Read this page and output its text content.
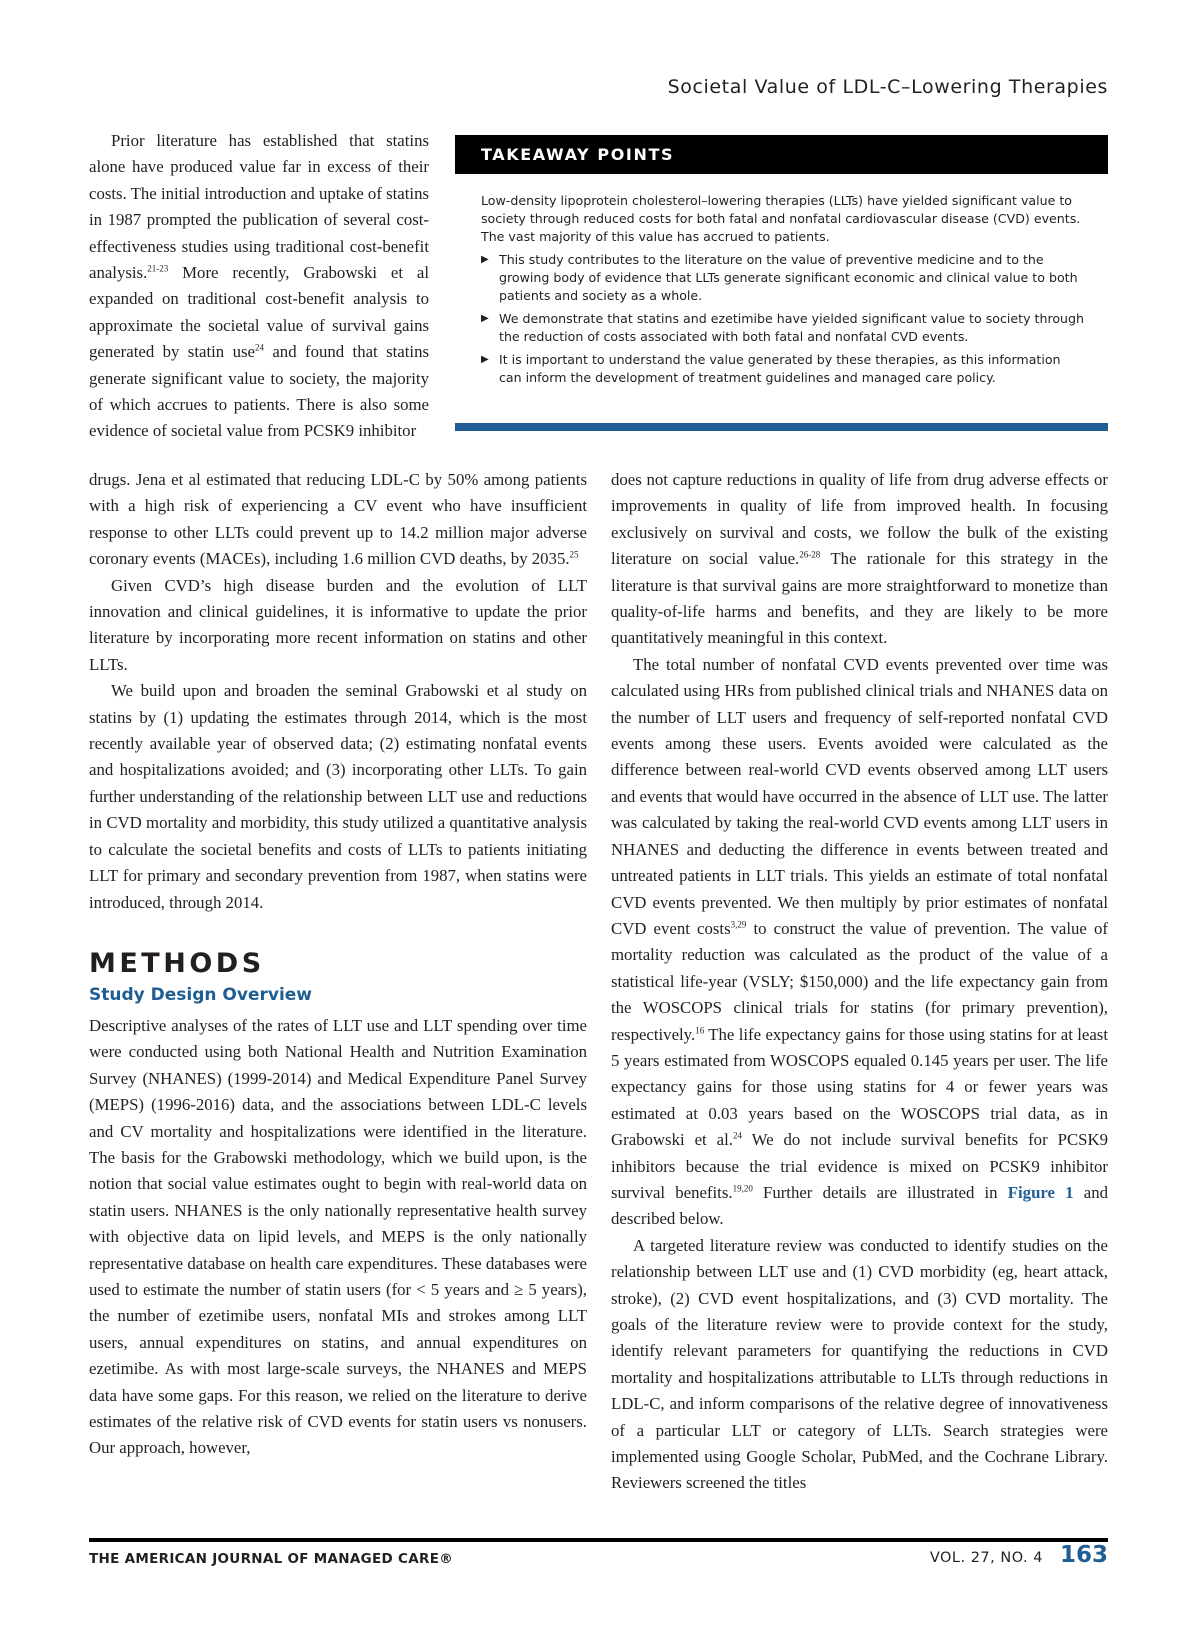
Societal Value of LDL-C–Lowering Therapies

Prior literature has established that statins alone have produced value far in excess of their costs. The initial introduction and uptake of statins in 1987 prompted the publication of several cost-effectiveness studies using traditional cost-benefit analysis.$^{21-23}$ More recently, Grabowski et al expanded on traditional cost-benefit analysis to approximate the societal value of survival gains generated by statin use$^{24}$ and found that statins generate significant value to society, the majority of which accrues to patients. There is also some evidence of societal value from PCSK9 inhibitor

TAKEAWAY POINTS

Low-density lipoprotein cholesterol–lowering therapies (LLTs) have yielded significant value to society through reduced costs for both fatal and nonfatal cardiovascular disease (CVD) events. The vast majority of this value has accrued to patients.

▶ This study contributes to the literature on the value of preventive medicine and to the growing body of evidence that LLTs generate significant economic and clinical value to both patients and society as a whole.
▶ We demonstrate that statins and ezetimibe have yielded significant value to society through the reduction of costs associated with both fatal and nonfatal CVD events.
▶ It is important to understand the value generated by these therapies, as this information can inform the development of treatment guidelines and managed care policy.

drugs. Jena et al estimated that reducing LDL-C by 50% among patients with a high risk of experiencing a CV event who have insufficient response to other LLTs could prevent up to 14.2 million major adverse coronary events (MACEs), including 1.6 million CVD deaths, by 2035.25

Given CVD’s high disease burden and the evolution of LLT innovation and clinical guidelines, it is informative to update the prior literature by incorporating more recent information on statins and other LLTs.

We build upon and broaden the seminal Grabowski et al study on statins by (1) updating the estimates through 2014, which is the most recently available year of observed data; (2) estimating nonfatal events and hospitalizations avoided; and (3) incorporating other LLTs. To gain further understanding of the relationship between LLT use and reductions in CVD mortality and morbidity, this study utilized a quantitative analysis to calculate the societal benefits and costs of LLTs to patients initiating LLT for primary and secondary prevention from 1987, when statins were introduced, through 2014.

METHODS
Study Design Overview

Descriptive analyses of the rates of LLT use and LLT spending over time were conducted using both National Health and Nutrition Examination Survey (NHANES) (1999-2014) and Medical Expenditure Panel Survey (MEPS) (1996-2016) data, and the associations between LDL-C levels and CV mortality and hospitalizations were identified in the literature. The basis for the Grabowski methodology, which we build upon, is the notion that social value estimates ought to begin with real-world data on statin users. NHANES is the only nationally representative health survey with objective data on lipid levels, and MEPS is the only nationally representative database on health care expenditures. These databases were used to estimate the number of statin users (for < 5 years and ≥ 5 years), the number of ezetimibe users, nonfatal MIs and strokes among LLT users, annual expenditures on statins, and annual expenditures on ezetimibe. As with most large-scale surveys, the NHANES and MEPS data have some gaps. For this reason, we relied on the literature to derive estimates of the relative risk of CVD events for statin users vs nonusers. Our approach, however,

does not capture reductions in quality of life from drug adverse effects or improvements in quality of life from improved health. In focusing exclusively on survival and costs, we follow the bulk of the existing literature on social value.$^{26-28}$ The rationale for this strategy in the literature is that survival gains are more straightforward to monetize than quality-of-life harms and benefits, and they are likely to be more quantitatively meaningful in this context.

The total number of nonfatal CVD events prevented over time was calculated using HRs from published clinical trials and NHANES data on the number of LLT users and frequency of self-reported nonfatal CVD events among these users. Events avoided were calculated as the difference between real-world CVD events observed among LLT users and events that would have occurred in the absence of LLT use. The latter was calculated by taking the real-world CVD events among LLT users in NHANES and deducting the difference in events between treated and untreated patients in LLT trials. This yields an estimate of total nonfatal CVD events prevented. We then multiply by prior estimates of nonfatal CVD event costs$^{3,29}$ to construct the value of prevention. The value of mortality reduction was calculated as the product of the value of a statistical life-year (VSLY; $150,000) and the life expectancy gain from the WOSCOPS clinical trials for statins (for primary prevention), respectively.$^{16}$ The life expectancy gains for those using statins for at least 5 years estimated from WOSCOPS equaled 0.145 years per user. The life expectancy gains for those using statins for 4 or fewer years was estimated at 0.03 years based on the WOSCOPS trial data, as in Grabowski et al.$^{24}$ We do not include survival benefits for PCSK9 inhibitors because the trial evidence is mixed on PCSK9 inhibitor survival benefits.$^{19,20}$ Further details are illustrated in Figure 1 and described below.

A targeted literature review was conducted to identify studies on the relationship between LLT use and (1) CVD morbidity (eg, heart attack, stroke), (2) CVD event hospitalizations, and (3) CVD mortality. The goals of the literature review were to provide context for the study, identify relevant parameters for quantifying the reductions in CVD mortality and hospitalizations attributable to LLTs through reductions in LDL-C, and inform comparisons of the relative degree of innovativeness of a particular LLT or category of LLTs. Search strategies were implemented using Google Scholar, PubMed, and the Cochrane Library. Reviewers screened the titles

THE AMERICAN JOURNAL OF MANAGED CARE®	VOL. 27, NO. 4 163
